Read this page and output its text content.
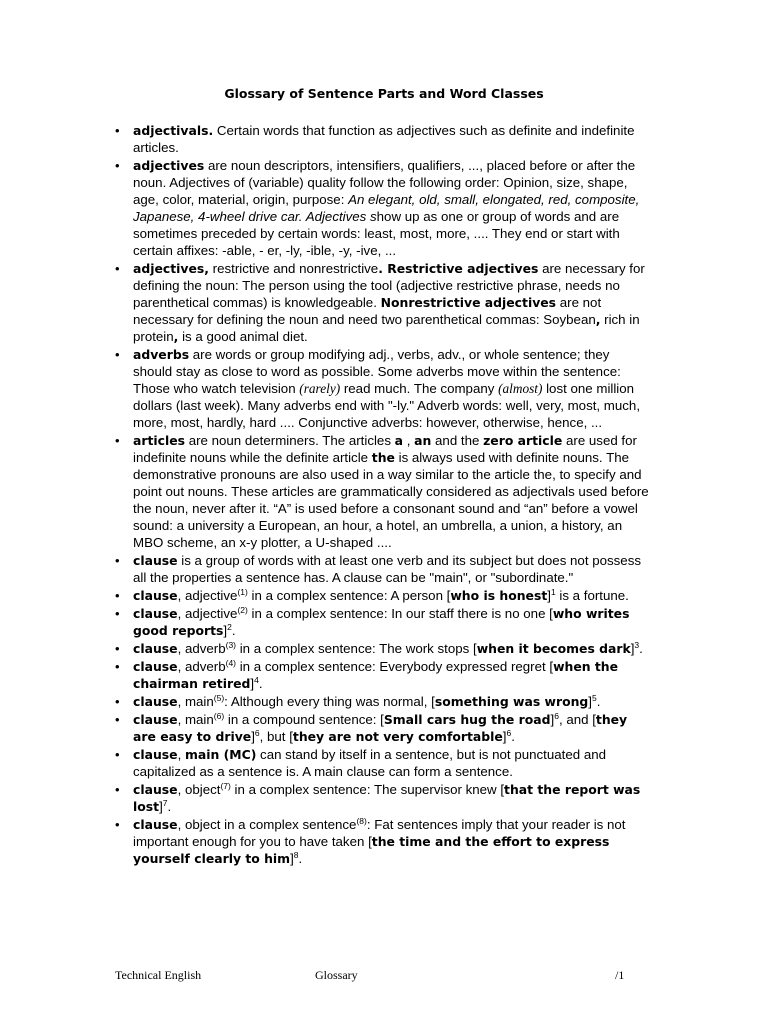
Glossary of Sentence Parts and Word Classes
• adjectivals. Certain words that function as adjectives such as definite and indefinite articles.
• adjectives are noun descriptors, intensifiers, qualifiers, ..., placed before or after the noun. Adjectives of (variable) quality follow the following order: Opinion, size, shape, age, color, material, origin, purpose: An elegant, old, small, elongated, red, composite, Japanese, 4-wheel drive car. Adjectives show up as one or group of words and are sometimes preceded by certain words: least, most, more, .... They end or start with certain affixes: -able, - er, -ly, -ible, -y, -ive, ...
• adjectives, restrictive and nonrestrictive. Restrictive adjectives are necessary for defining the noun: The person using the tool (adjective restrictive phrase, needs no parenthetical commas) is knowledgeable. Nonrestrictive adjectives are not necessary for defining the noun and need two parenthetical commas: Soybean, rich in protein, is a good animal diet.
• adverbs are words or group modifying adj., verbs, adv., or whole sentence; they should stay as close to word as possible. Some adverbs move within the sentence: Those who watch television (rarely) read much. The company (almost) lost one million dollars (last week). Many adverbs end with "-ly." Adverb words: well, very, most, much, more, most, hardly, hard .... Conjunctive adverbs: however, otherwise, hence, ...
• articles are noun determiners. The articles a , an and the zero article are used for indefinite nouns while the definite article the is always used with definite nouns. The demonstrative pronouns are also used in a way similar to the article the, to specify and point out nouns. These articles are grammatically considered as adjectivals used before the noun, never after it. “A” is used before a consonant sound and “an” before a vowel sound: a university a European, an hour, a hotel, an umbrella, a union, a history, an MBO scheme, an x-y plotter, a U-shaped ....
• clause is a group of words with at least one verb and its subject but does not possess all the properties a sentence has. A clause can be "main", or "subordinate."
• clause, adjective$^{(1)}$ in a complex sentence: A person [who is honest]$^1$ is a fortune.
• clause, adjective$^{(2)}$ in a complex sentence: In our staff there is no one [who writes good reports]$^2$.
• clause, adverb$^{(3)}$ in a complex sentence: The work stops [when it becomes dark]$^3$.
• clause, adverb$^{(4)}$ in a complex sentence: Everybody expressed regret [when the chairman retired]$^4$.
• clause, main$^{(5)}$: Although every thing was normal, [something was wrong]$^5$.
• clause, main$^{(6)}$ in a compound sentence: [Small cars hug the road]$^6$, and [they are easy to drive]$^6$, but [they are not very comfortable]$^6$.
• clause, main (MC) can stand by itself in a sentence, but is not punctuated and capitalized as a sentence is. A main clause can form a sentence.
• clause, object$^{(7)}$ in a complex sentence: The supervisor knew [that the report was lost]$^7$.
• clause, object in a complex sentence$^{(8)}$: Fat sentences imply that your reader is not important enough for you to have taken [the time and the effort to express yourself clearly to him]$^8$.
Technical English	Glossary	/1
